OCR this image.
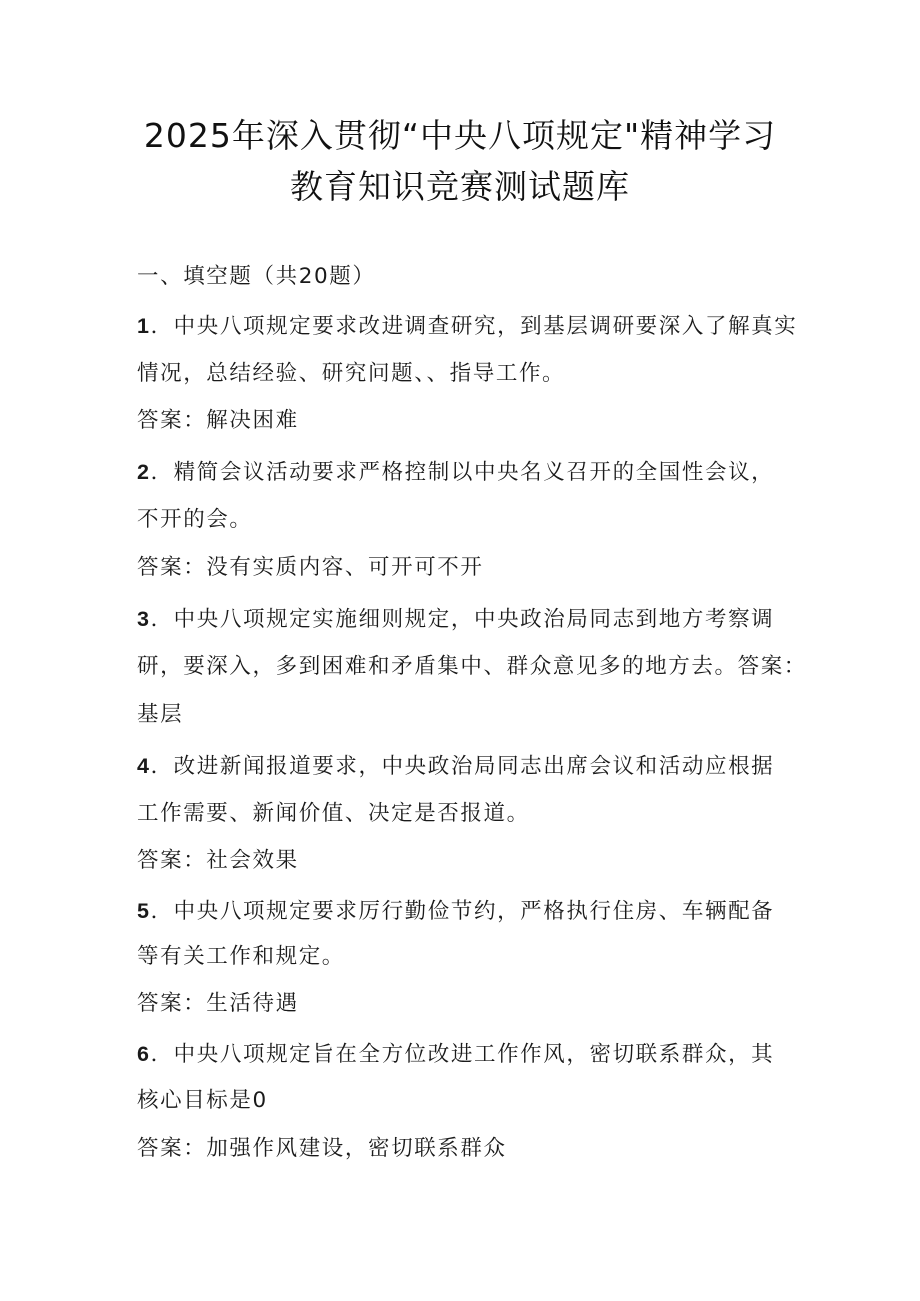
2025年深入贯彻“中央八项规定"精神学习
教育知识竞赛测试题库
一、填空题（共20题）
1．中央八项规定要求改进调查研究，到基层调研要深入了解真实
情况，总结经验、研究问题、、指导工作。
答案：解决困难
2．精简会议活动要求严格控制以中央名义召开的全国性会议，
不开的会。
答案：没有实质内容、可开可不开
3．中央八项规定实施细则规定，中央政治局同志到地方考察调
研，要深入，多到困难和矛盾集中、群众意见多的地方去。答案：
基层
4．改进新闻报道要求，中央政治局同志出席会议和活动应根据
工作需要、新闻价值、决定是否报道。
答案：社会效果
5．中央八项规定要求厉行勤俭节约，严格执行住房、车辆配备
等有关工作和规定。
答案：生活待遇
6．中央八项规定旨在全方位改进工作作风，密切联系群众，其
核心目标是0
答案：加强作风建设，密切联系群众
